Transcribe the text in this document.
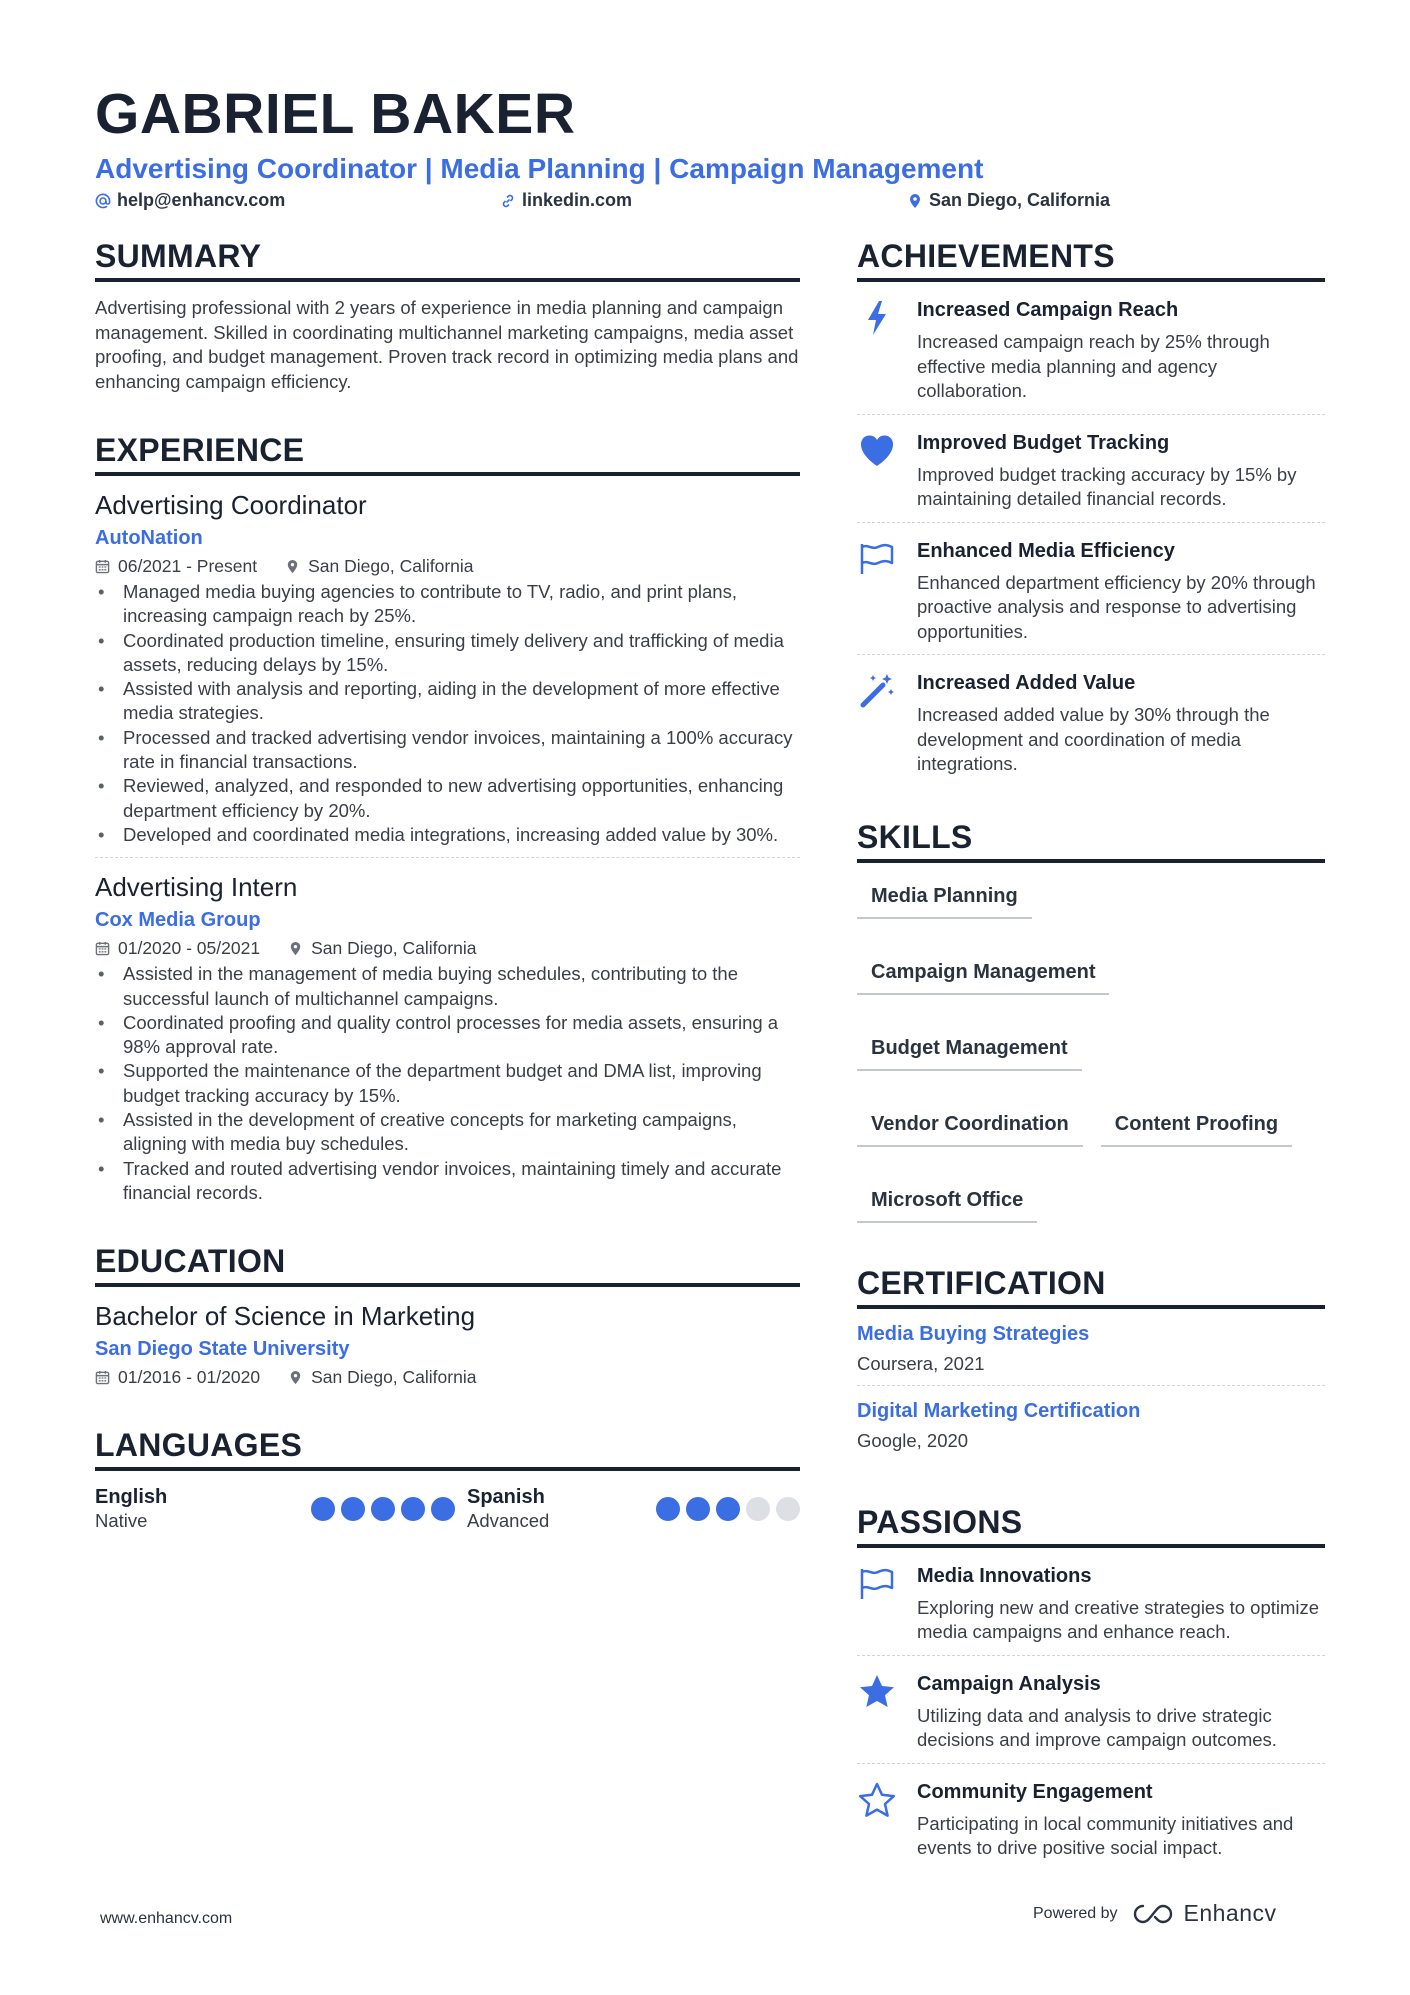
GABRIEL BAKER
Advertising Coordinator | Media Planning | Campaign Management
help@enhancv.com	linkedin.com	San Diego, California
SUMMARY
Advertising professional with 2 years of experience in media planning and campaign management. Skilled in coordinating multichannel marketing campaigns, media asset proofing, and budget management. Proven track record in optimizing media plans and enhancing campaign efficiency.
EXPERIENCE
Advertising Coordinator
AutoNation
06/2021 - Present	San Diego, California
• Managed media buying agencies to contribute to TV, radio, and print plans, increasing campaign reach by 25%.
• Coordinated production timeline, ensuring timely delivery and trafficking of media assets, reducing delays by 15%.
• Assisted with analysis and reporting, aiding in the development of more effective media strategies.
• Processed and tracked advertising vendor invoices, maintaining a 100% accuracy rate in financial transactions.
• Reviewed, analyzed, and responded to new advertising opportunities, enhancing department efficiency by 20%.
• Developed and coordinated media integrations, increasing added value by 30%.
Advertising Intern
Cox Media Group
01/2020 - 05/2021	San Diego, California
• Assisted in the management of media buying schedules, contributing to the successful launch of multichannel campaigns.
• Coordinated proofing and quality control processes for media assets, ensuring a 98% approval rate.
• Supported the maintenance of the department budget and DMA list, improving budget tracking accuracy by 15%.
• Assisted in the development of creative concepts for marketing campaigns, aligning with media buy schedules.
• Tracked and routed advertising vendor invoices, maintaining timely and accurate financial records.
EDUCATION
Bachelor of Science in Marketing
San Diego State University
01/2016 - 01/2020	San Diego, California
LANGUAGES
English
Native
Spanish
Advanced
ACHIEVEMENTS
Increased Campaign Reach
Increased campaign reach by 25% through effective media planning and agency collaboration.
Improved Budget Tracking
Improved budget tracking accuracy by 15% by maintaining detailed financial records.
Enhanced Media Efficiency
Enhanced department efficiency by 20% through proactive analysis and response to advertising opportunities.
Increased Added Value
Increased added value by 30% through the development and coordination of media integrations.
SKILLS
Media Planning
Campaign Management
Budget Management
Vendor Coordination	Content Proofing
Microsoft Office
CERTIFICATION
Media Buying Strategies
Coursera, 2021
Digital Marketing Certification
Google, 2020
PASSIONS
Media Innovations
Exploring new and creative strategies to optimize media campaigns and enhance reach.
Campaign Analysis
Utilizing data and analysis to drive strategic decisions and improve campaign outcomes.
Community Engagement
Participating in local community initiatives and events to drive positive social impact.
www.enhancv.com	Powered by	Enhancv
